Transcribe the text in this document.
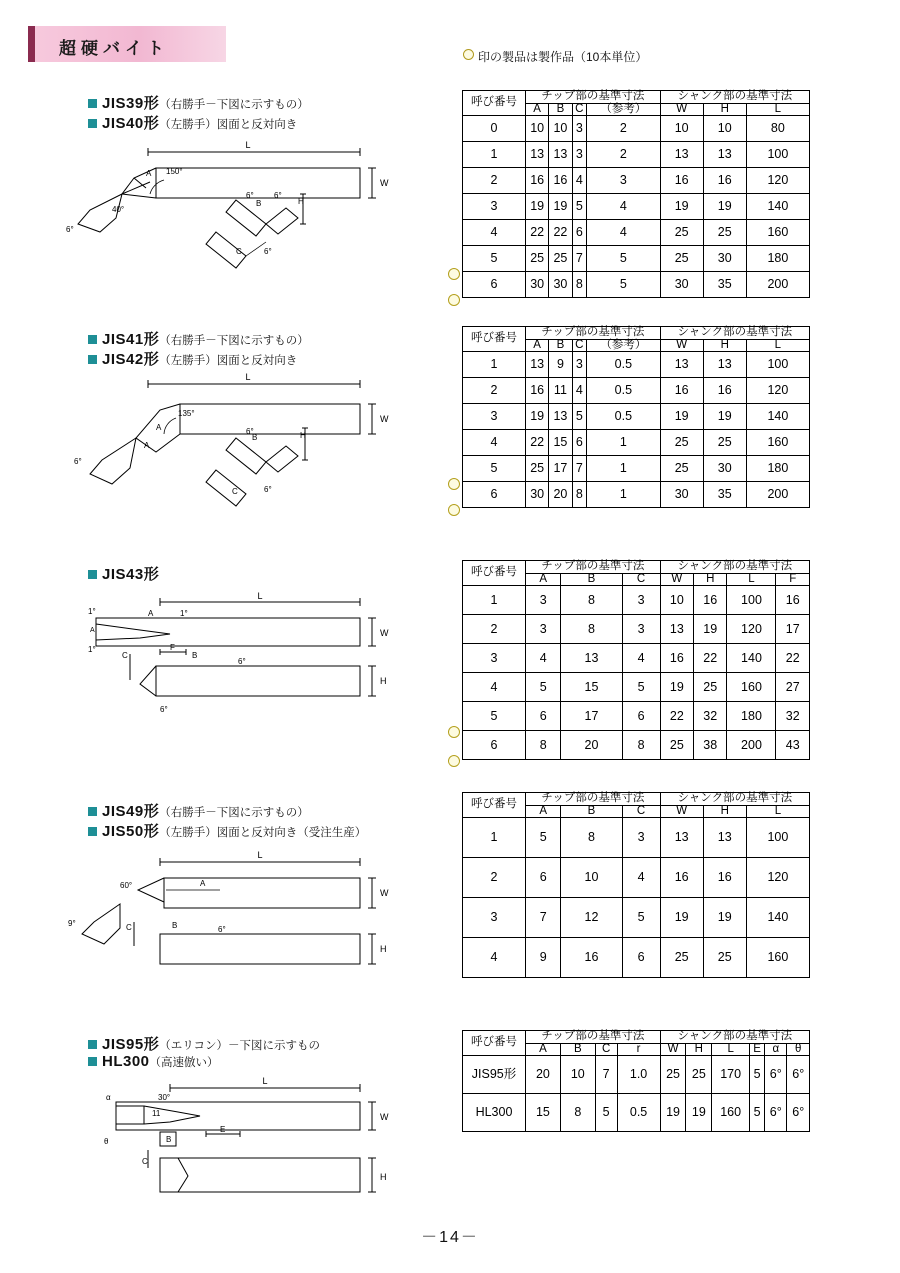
超硬バイト	印の製品は製作品（10本単位）
JIS39形（右勝手－下図に示すもの）
JIS40形（左勝手）図面と反対向き
L
W
A 150°
40°
6°
B	H
6°	6°
C	6°
呼び番号	チップ部の基準寸法				シャンク部の基準寸法		
	A	B	C	（参考）	W	H	L
0	10	10	3	2	10	10	80
1	13	13	3	2	13	13	100
2	16	16	4	3	16	16	120
3	19	19	5	4	19	19	140
4	22	22	6	4	25	25	160
5	25	25	7	5	25	30	180
6	30	30	8	5	30	35	200
JIS41形（右勝手－下図に示すもの）
JIS42形（左勝手）図面と反対向き
L
W
135°
A
6°
A
B	H
6°
C	6°
呼び番号	チップ部の基準寸法				シャンク部の基準寸法		
	A	B	C	（参考）	W	H	L
1	13	9	3	0.5	13	13	100
2	16	11	4	0.5	16	16	120
3	19	13	5	0.5	19	19	140
4	22	15	6	1	25	25	160
5	25	17	7	1	25	30	180
6	30	20	8	1	30	35	200
JIS43形
L
W
A
1°
1°
1°
A
C
F
B
6°
6°
H
呼び番号	チップ部の基準寸法			シャンク部の基準寸法			
	A	B	C	W	H	L	F
1	3	8	3	10	16	100	16
2	3	8	3	13	19	120	17
3	4	13	4	16	22	140	22
4	5	15	5	19	25	160	27
5	6	17	6	22	32	180	32
6	8	20	8	25	38	200	43
JIS49形（右勝手－下図に示すもの）
JIS50形（左勝手）図面と反対向き（受注生産）
L
W
60°	A
9°	C	B	6°
H
呼び番号	チップ部の基準寸法			シャンク部の基準寸法		
	A	B	C	W	H	L
1	5	8	3	13	13	100
2	6	10	4	16	16	120
3	7	12	5	19	19	140
4	9	16	6	25	25	160
JIS95形（エリコン）－下図に示すもの
HL300（高速倣い）
L
α	30°
11	W
B
θ
E
C
H
呼び番号	チップ部の基準寸法				シャンク部の基準寸法					
	A	B	C	r	W	H	L	E	α	θ
JIS95形	20	10	7	1.0	25	25	170	5	6°	6°
HL300	15	8	5	0.5	19	19	160	5	6°	6°
－14－
